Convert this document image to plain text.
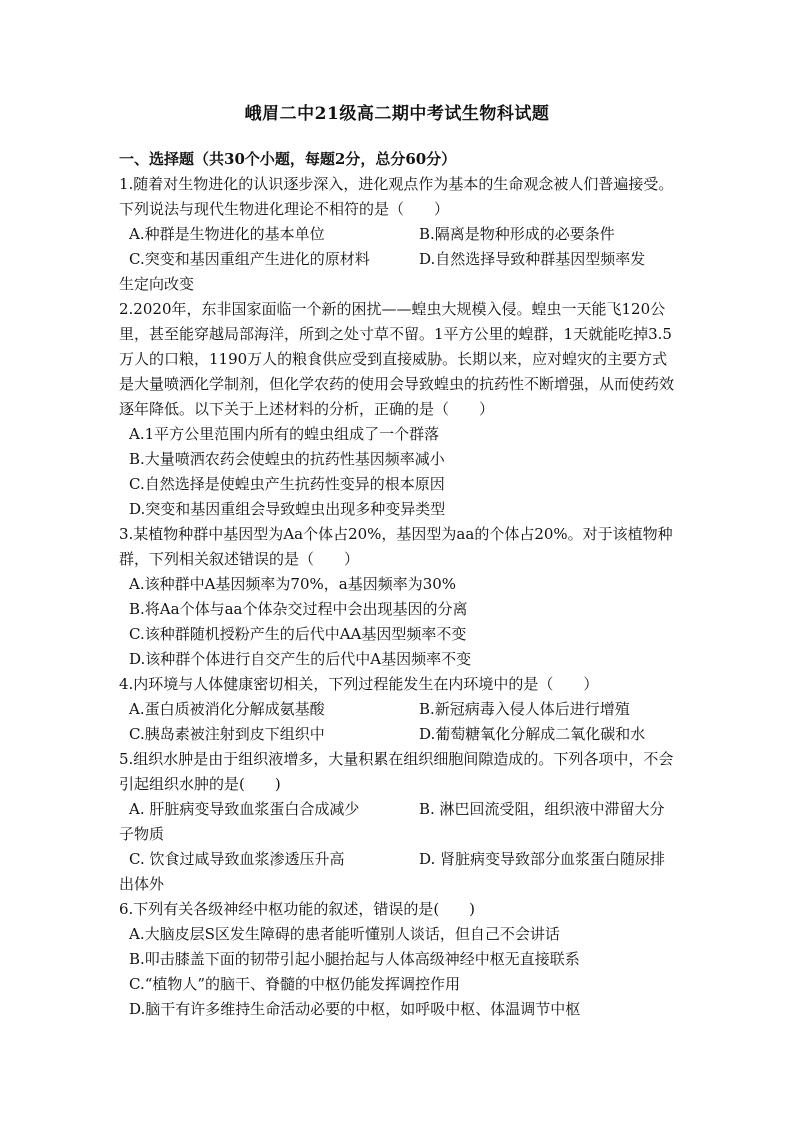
峨眉二中21级高二期中考试生物科试题
一、选择题（共30个小题，每题2分，总分60分）

1.随着对生物进化的认识逐步深入，进化观点作为基本的生命观念被人们普遍接受。下列说法与现代生物进化理论不相符的是（　　）

A.种群是生物进化的基本单位	B.隔离是物种形成的必要条件
C.突变和基因重组产生进化的原材料	D.自然选择导致种群基因型频率发

生定向改变

2.2020年，东非国家面临一个新的困扰——蝗虫大规模入侵。蝗虫一天能飞120公里，甚至能穿越局部海洋，所到之处寸草不留。1平方公里的蝗群，1天就能吃掉3.5万人的口粮，1190万人的粮食供应受到直接威胁。长期以来，应对蝗灾的主要方式是大量喷洒化学制剂，但化学农药的使用会导致蝗虫的抗药性不断增强，从而使药效逐年降低。以下关于上述材料的分析，正确的是（　　）

A.1平方公里范围内所有的蝗虫组成了一个群落

B.大量喷洒农药会使蝗虫的抗药性基因频率减小

C.自然选择是使蝗虫产生抗药性变异的根本原因

D.突变和基因重组会导致蝗虫出现多种变异类型

3.某植物种群中基因型为Aa个体占20%，基因型为aa的个体占20%。对于该植物种群，下列相关叙述错误的是（　　）

A.该种群中A基因频率为70%，a基因频率为30%

B.将Aa个体与aa个体杂交过程中会出现基因的分离

C.该种群随机授粉产生的后代中AA基因型频率不变

D.该种群个体进行自交产生的后代中A基因频率不变

4.内环境与人体健康密切相关，下列过程能发生在内环境中的是（　　）

A.蛋白质被消化分解成氨基酸	B.新冠病毒入侵人体后进行增殖
C.胰岛素被注射到皮下组织中	D.葡萄糖氧化分解成二氧化碳和水

5.组织水肿是由于组织液增多，大量积累在组织细胞间隙造成的。下列各项中，不会引起组织水肿的是(　　)

A. 肝脏病变导致血浆蛋白合成减少	B. 淋巴回流受阻，组织液中滞留大分

子物质

C. 饮食过咸导致血浆渗透压升高	D. 肾脏病变导致部分血浆蛋白随尿排

出体外

6.下列有关各级神经中枢功能的叙述，错误的是(　　)

A.大脑皮层S区发生障碍的患者能听懂别人谈话，但自己不会讲话

B.叩击膝盖下面的韧带引起小腿抬起与人体高级神经中枢无直接联系

C.“植物人”的脑干、脊髓的中枢仍能发挥调控作用

D.脑干有许多维持生命活动必要的中枢，如呼吸中枢、体温调节中枢
